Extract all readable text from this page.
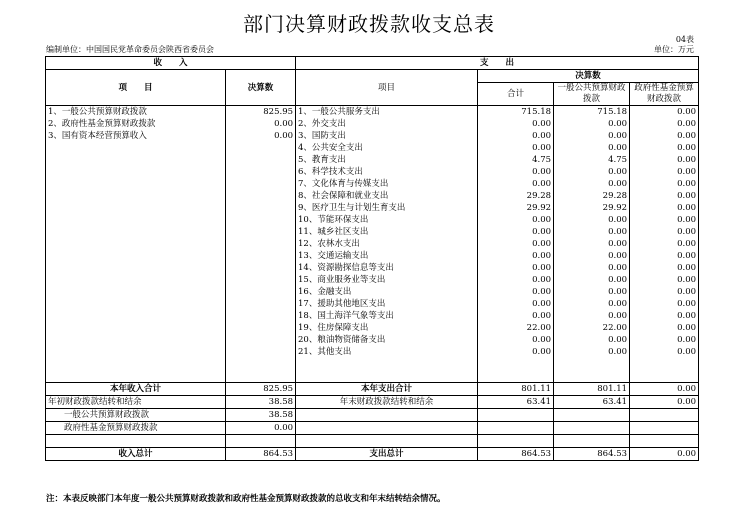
部门决算财政拨款收支总表
04表
编制单位：中国国民党革命委员会陕西省委员会	单位：万元
收　　入		支　　出			
项　　目	决算数	项目	决算数		
			合计	一般公共预算财政拨款	政府性基金预算财政拨款

1、一般公共预算财政拨款	825.95	1、一般公共服务支出	715.18	715.18	0.00
2、政府性基金预算财政拨款	0.00	2、外交支出	0.00	0.00	0.00
3、国有资本经营预算收入	0.00	3、国防支出	0.00	0.00	0.00
		4、公共安全支出	0.00	0.00	0.00
		5、教育支出	4.75	4.75	0.00
		6、科学技术支出	0.00	0.00	0.00
		7、文化体育与传媒支出	0.00	0.00	0.00
		8、社会保障和就业支出	29.28	29.28	0.00
		9、医疗卫生与计划生育支出	29.92	29.92	0.00
		10、节能环保支出	0.00	0.00	0.00
		11、城乡社区支出	0.00	0.00	0.00
		12、农林水支出	0.00	0.00	0.00
		13、交通运输支出	0.00	0.00	0.00
		14、资源勘探信息等支出	0.00	0.00	0.00
		15、商业服务业等支出	0.00	0.00	0.00
		16、金融支出	0.00	0.00	0.00
		17、援助其他地区支出	0.00	0.00	0.00
		18、国土海洋气象等支出	0.00	0.00	0.00
		19、住房保障支出	22.00	22.00	0.00
		20、粮油物资储备支出	0.00	0.00	0.00
		21、其他支出	0.00	0.00	0.00

本年收入合计	825.95	本年支出合计	801.11	801.11	0.00
年初财政拨款结转和结余	38.58	年末财政拨款结转和结余	63.41	63.41	0.00
一般公共预算财政拨款	38.58				
政府性基金预算财政拨款	0.00				

收入总计	864.53	支出总计	864.53	864.53	0.00
注：本表反映部门本年度一般公共预算财政拨款和政府性基金预算财政拨款的总收支和年末结转结余情况。
